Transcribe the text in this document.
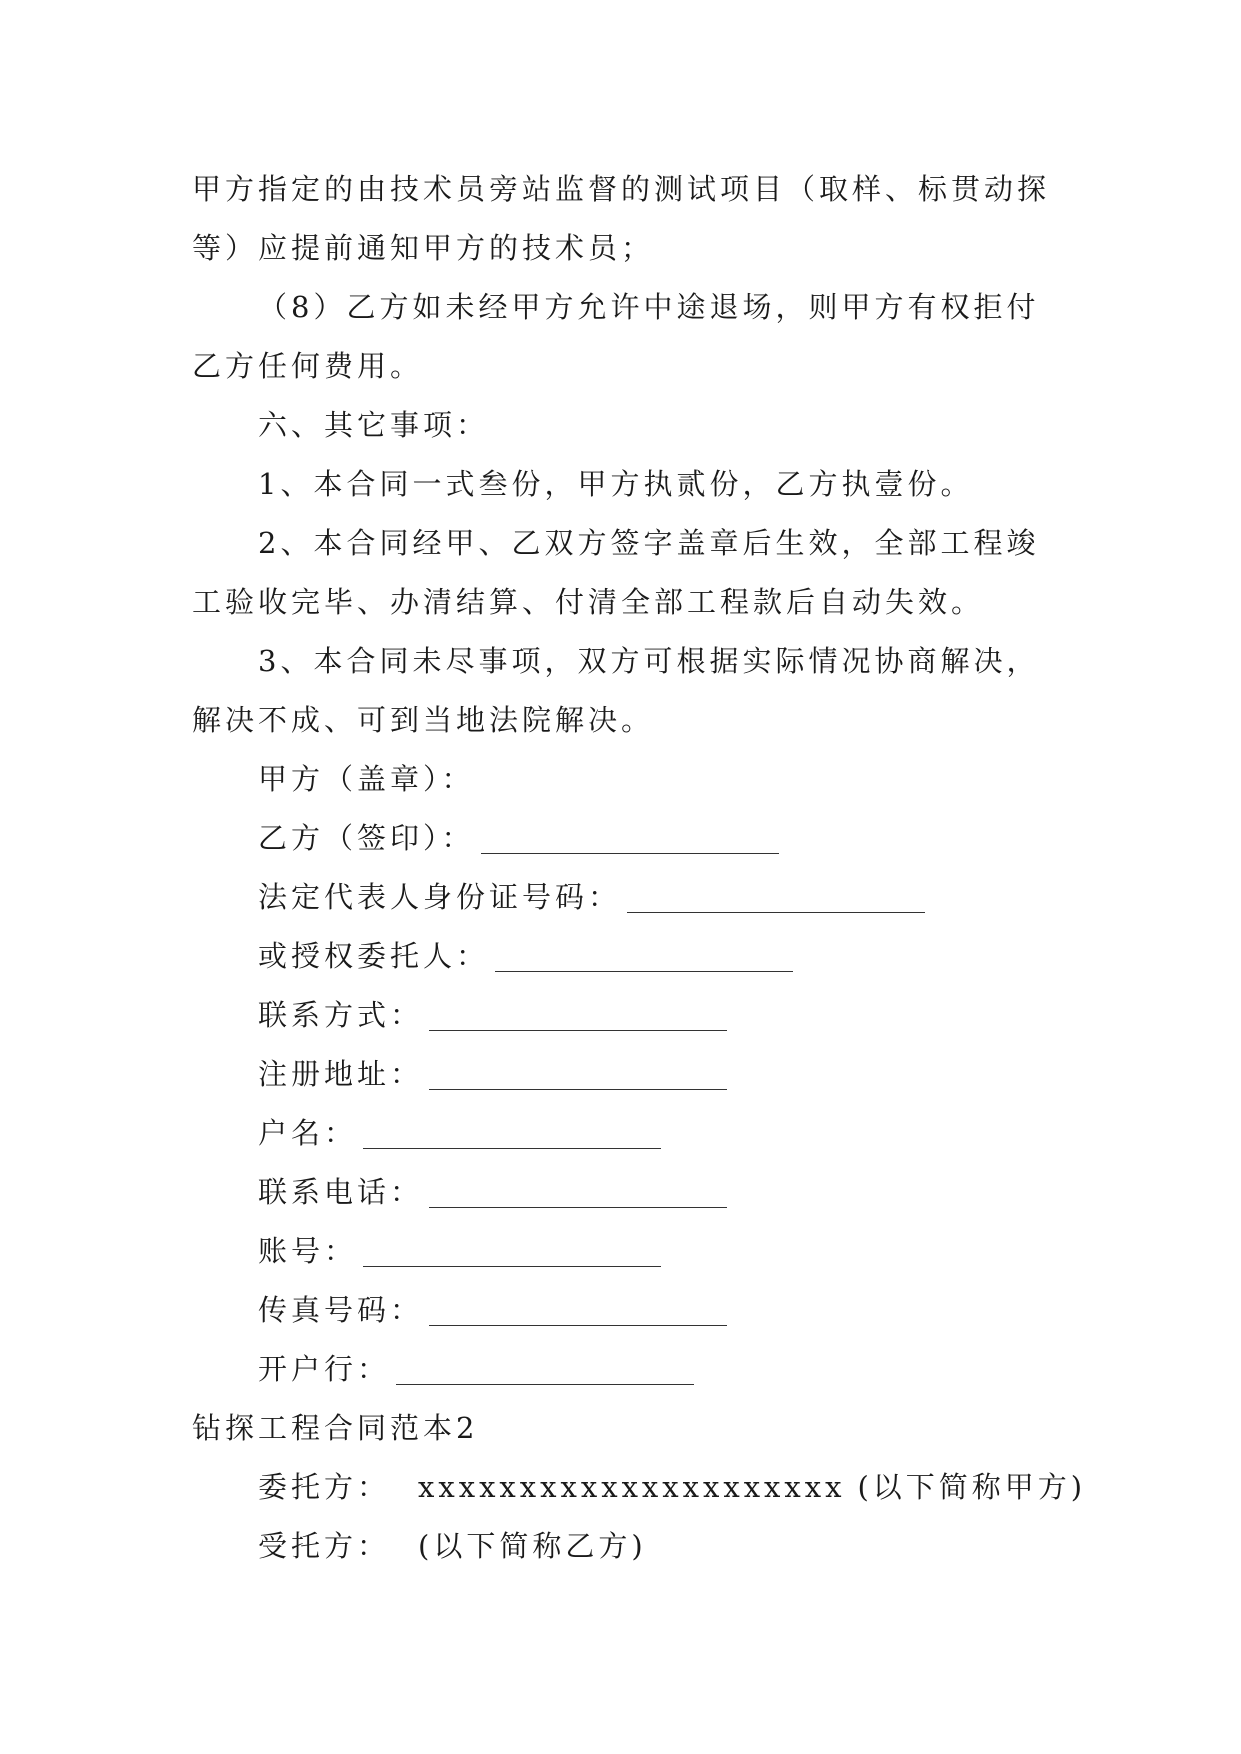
甲方指定的由技术员旁站监督的测试项目（取样、标贯动探

等）应提前通知甲方的技术员；

（8）乙方如未经甲方允许中途退场，则甲方有权拒付

乙方任何费用。

六、其它事项：

1、本合同一式叁份，甲方执贰份，乙方执壹份。

2、本合同经甲、乙双方签字盖章后生效，全部工程竣

工验收完毕、办清结算、付清全部工程款后自动失效。

3、本合同未尽事项，双方可根据实际情况协商解决，

解决不成、可到当地法院解决。

甲方（盖章）：

乙方（签印）：

法定代表人身份证号码：

或授权委托人：

联系方式：

注册地址：

户名：

联系电话：

账号：

传真号码：

开户行：

钻探工程合同范本2

委托方： xxxxxxxxxxxxxxxxxxxxx (以下简称甲方)

受托方： (以下简称乙方)
